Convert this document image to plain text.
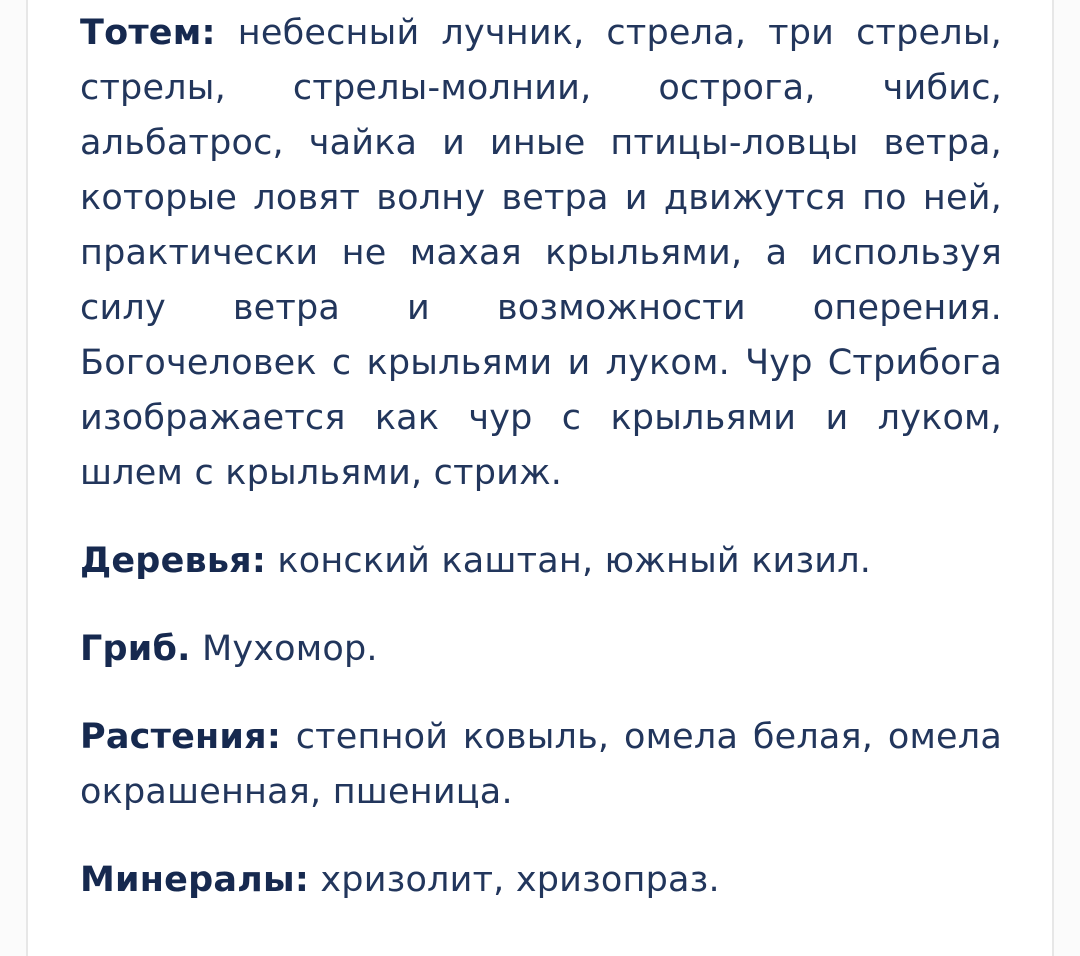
Тотем: небесный лучник, стрела, три стрелы, стрелы, стрелы-молнии, острога, чибис, альбатрос, чайка и иные птицы-ловцы ветра, которые ловят волну ветра и движутся по ней, практически не махая крыльями, а используя силу ветра и возможности оперения. Богочеловек с крыльями и луком. Чур Стрибога изображается как чур с крыльями и луком, шлем с крыльями, стриж.

Деревья: конский каштан, южный кизил.

Гриб. Мухомор.

Растения: степной ковыль, омела белая, омела окрашенная, пшеница.

Минералы: хризолит, хризопраз.
